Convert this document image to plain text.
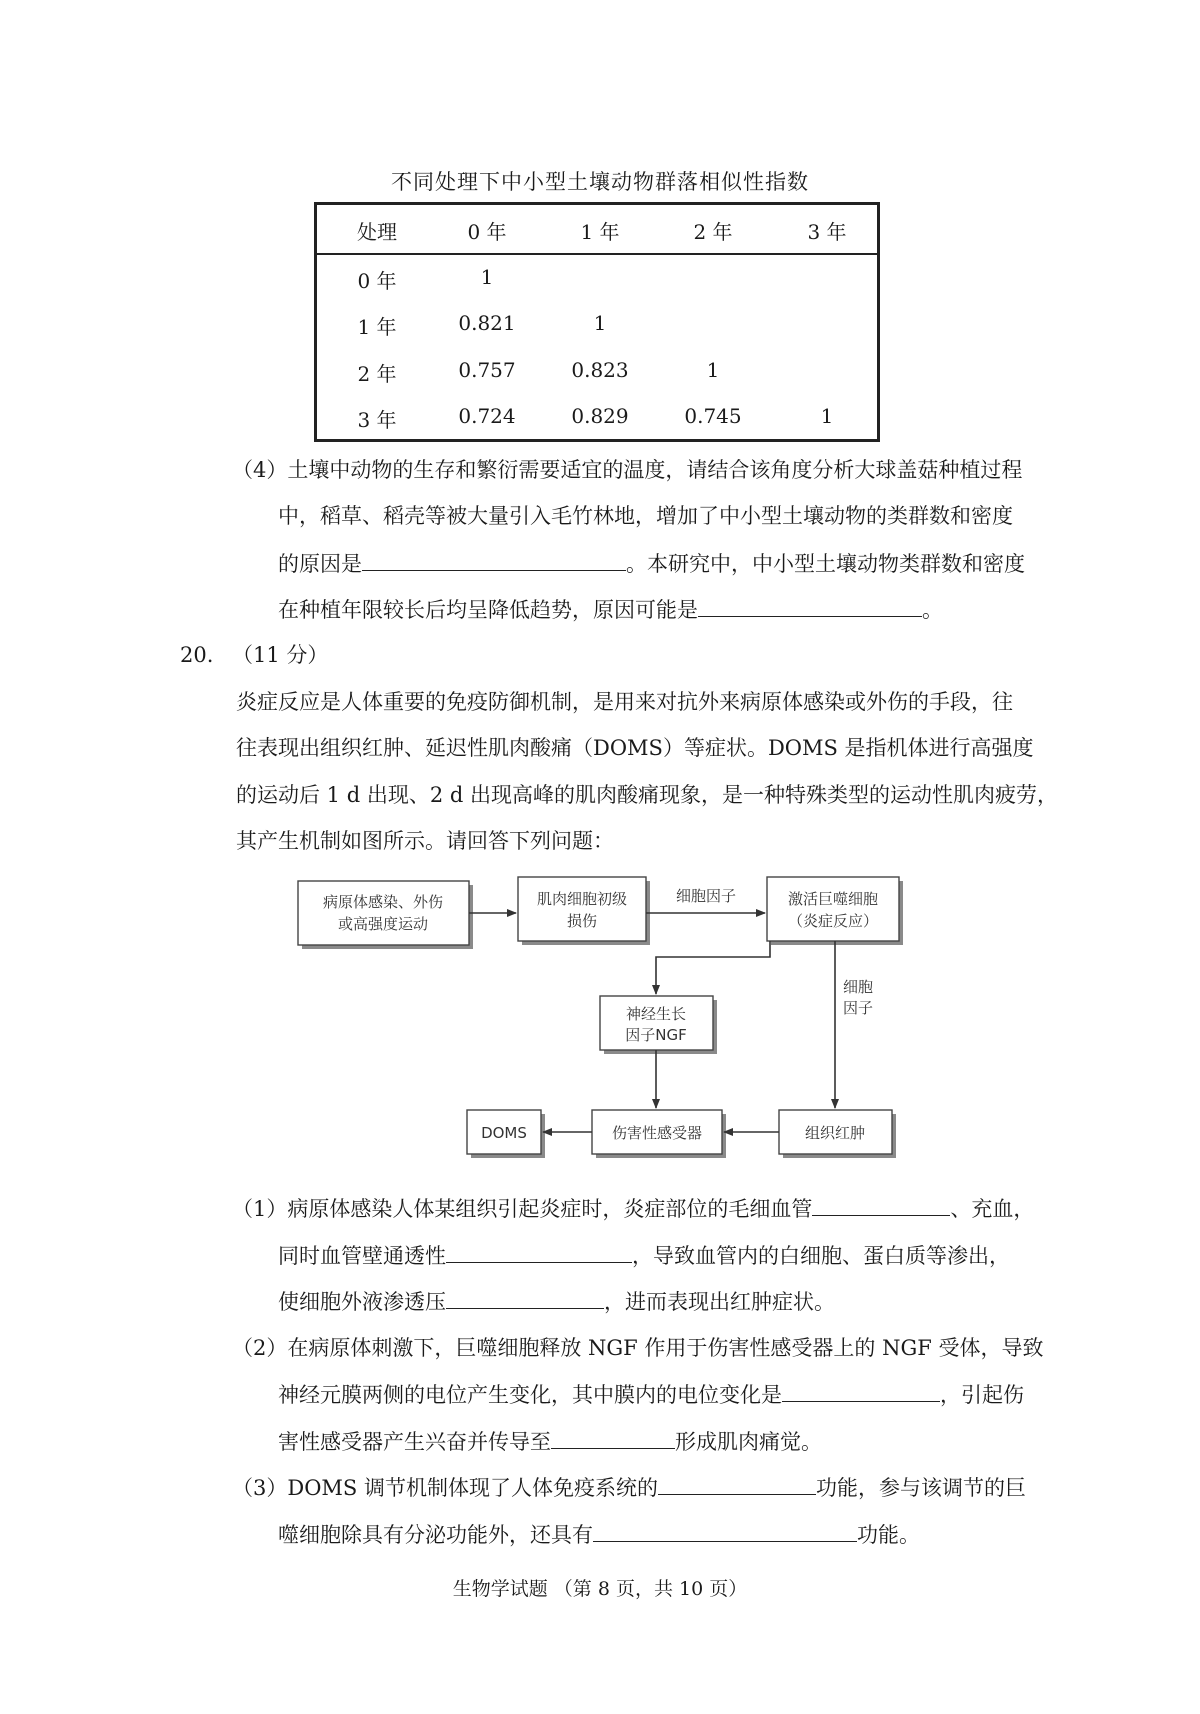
不同处理下中小型土壤动物群落相似性指数
处理	0 年	1 年	2 年	3 年
0 年	1
1 年	0.821	1
2 年	0.757	0.823	1
3 年	0.724	0.829	0.745	1
（4）土壤中动物的生存和繁衍需要适宜的温度，请结合该角度分析大球盖菇种植过程
中，稻草、稻壳等被大量引入毛竹林地，增加了中小型土壤动物的类群数和密度
的原因是	。本研究中，中小型土壤动物类群数和密度
在种植年限较长后均呈降低趋势，原因可能是	。
20. （11 分）
炎症反应是人体重要的免疫防御机制，是用来对抗外来病原体感染或外伤的手段，往
往表现出组织红肿、延迟性肌肉酸痛（DOMS）等症状。DOMS 是指机体进行高强度
的运动后 1 d 出现、2 d 出现高峰的肌肉酸痛现象，是一种特殊类型的运动性肌肉疲劳，
其产生机制如图所示。请回答下列问题：
病原体感染、外伤
或高强度运动
肌肉细胞初级
损伤
激活巨噬细胞
（炎症反应）
神经生长
因子NGF
DOMS	伤害性感受器	组织红肿
细胞因子
细胞
因子
（1）病原体感染人体某组织引起炎症时，炎症部位的毛细血管	、充血，
同时血管壁通透性	，导致血管内的白细胞、蛋白质等渗出，
使细胞外液渗透压	，进而表现出红肿症状。
（2）在病原体刺激下，巨噬细胞释放 NGF 作用于伤害性感受器上的 NGF 受体，导致
神经元膜两侧的电位产生变化，其中膜内的电位变化是	，引起伤
害性感受器产生兴奋并传导至	形成肌肉痛觉。
（3）DOMS 调节机制体现了人体免疫系统的	功能，参与该调节的巨
噬细胞除具有分泌功能外，还具有	功能。
生物学试题 （第 8 页，共 10 页）
